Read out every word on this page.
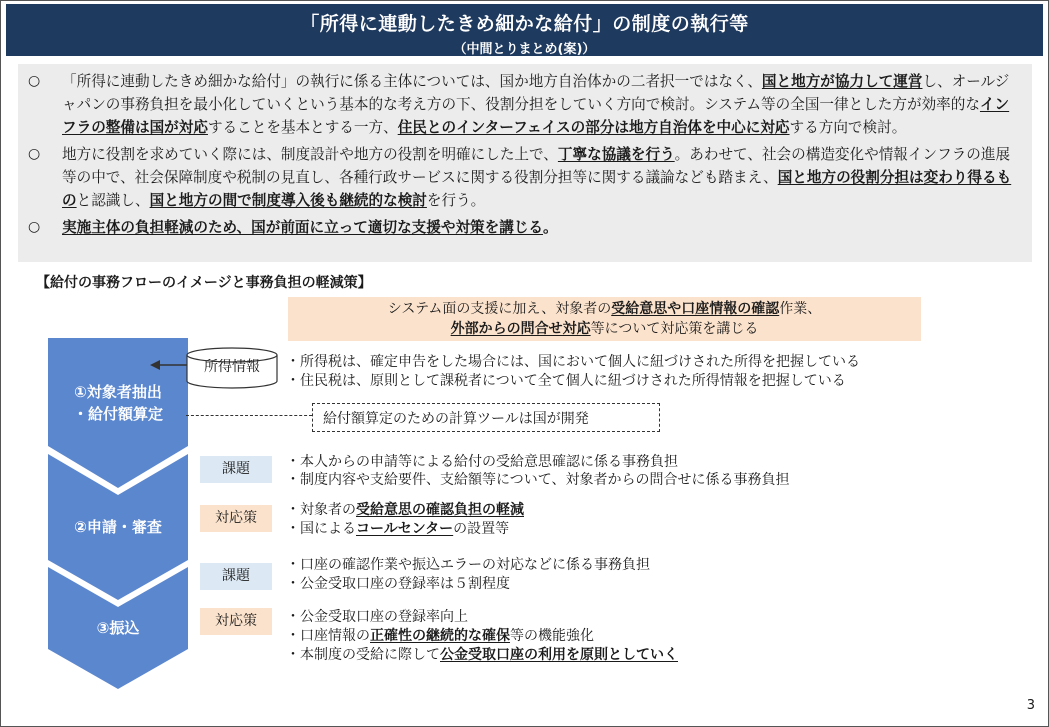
「所得に連動したきめ細かな給付」の制度の執行等
（中間とりまとめ(案)）
○	「所得に連動したきめ細かな給付」の執行に係る主体については、国か地方自治体かの二者択一ではなく、国と地方が協力して運営し、オールジャパンの事務負担を最小化していくという基本的な考え方の下、役割分担をしていく方向で検討。システム等の全国一律とした方が効率的なインフラの整備は国が対応することを基本とする一方、住民とのインターフェイスの部分は地方自治体を中心に対応する方向で検討。
○	地方に役割を求めていく際には、制度設計や地方の役割を明確にした上で、丁寧な協議を行う。あわせて、社会の構造変化や情報インフラの進展等の中で、社会保障制度や税制の見直し、各種行政サービスに関する役割分担等に関する議論なども踏まえ、国と地方の役割分担は変わり得るものと認識し、国と地方の間で制度導入後も継続的な検討を行う。
○	実施主体の負担軽減のため、国が前面に立って適切な支援や対策を講じる。
【給付の事務フローのイメージと事務負担の軽減策】
システム面の支援に加え、対象者の受給意思や口座情報の確認作業、
外部からの問合せ対応等について対応策を講じる
①対象者抽出
・給付額算定
②申請・審査
③振込
所得情報	・所得税は、確定申告をした場合には、国において個人に紐づけされた所得を把握している
・住民税は、原則として課税者について全て個人に紐づけされた所得情報を把握している
給付額算定のための計算ツールは国が開発
課題	・本人からの申請等による給付の受給意思確認に係る事務負担
・制度内容や支給要件、支給額等について、対象者からの問合せに係る事務負担
対応策	・対象者の受給意思の確認負担の軽減
・国によるコールセンターの設置等
課題
・口座の確認作業や振込エラーの対応などに係る事務負担
・公金受取口座の登録率は５割程度
対応策	・公金受取口座の登録率向上
・口座情報の正確性の継続的な確保等の機能強化
・本制度の受給に際して公金受取口座の利用を原則としていく
3
